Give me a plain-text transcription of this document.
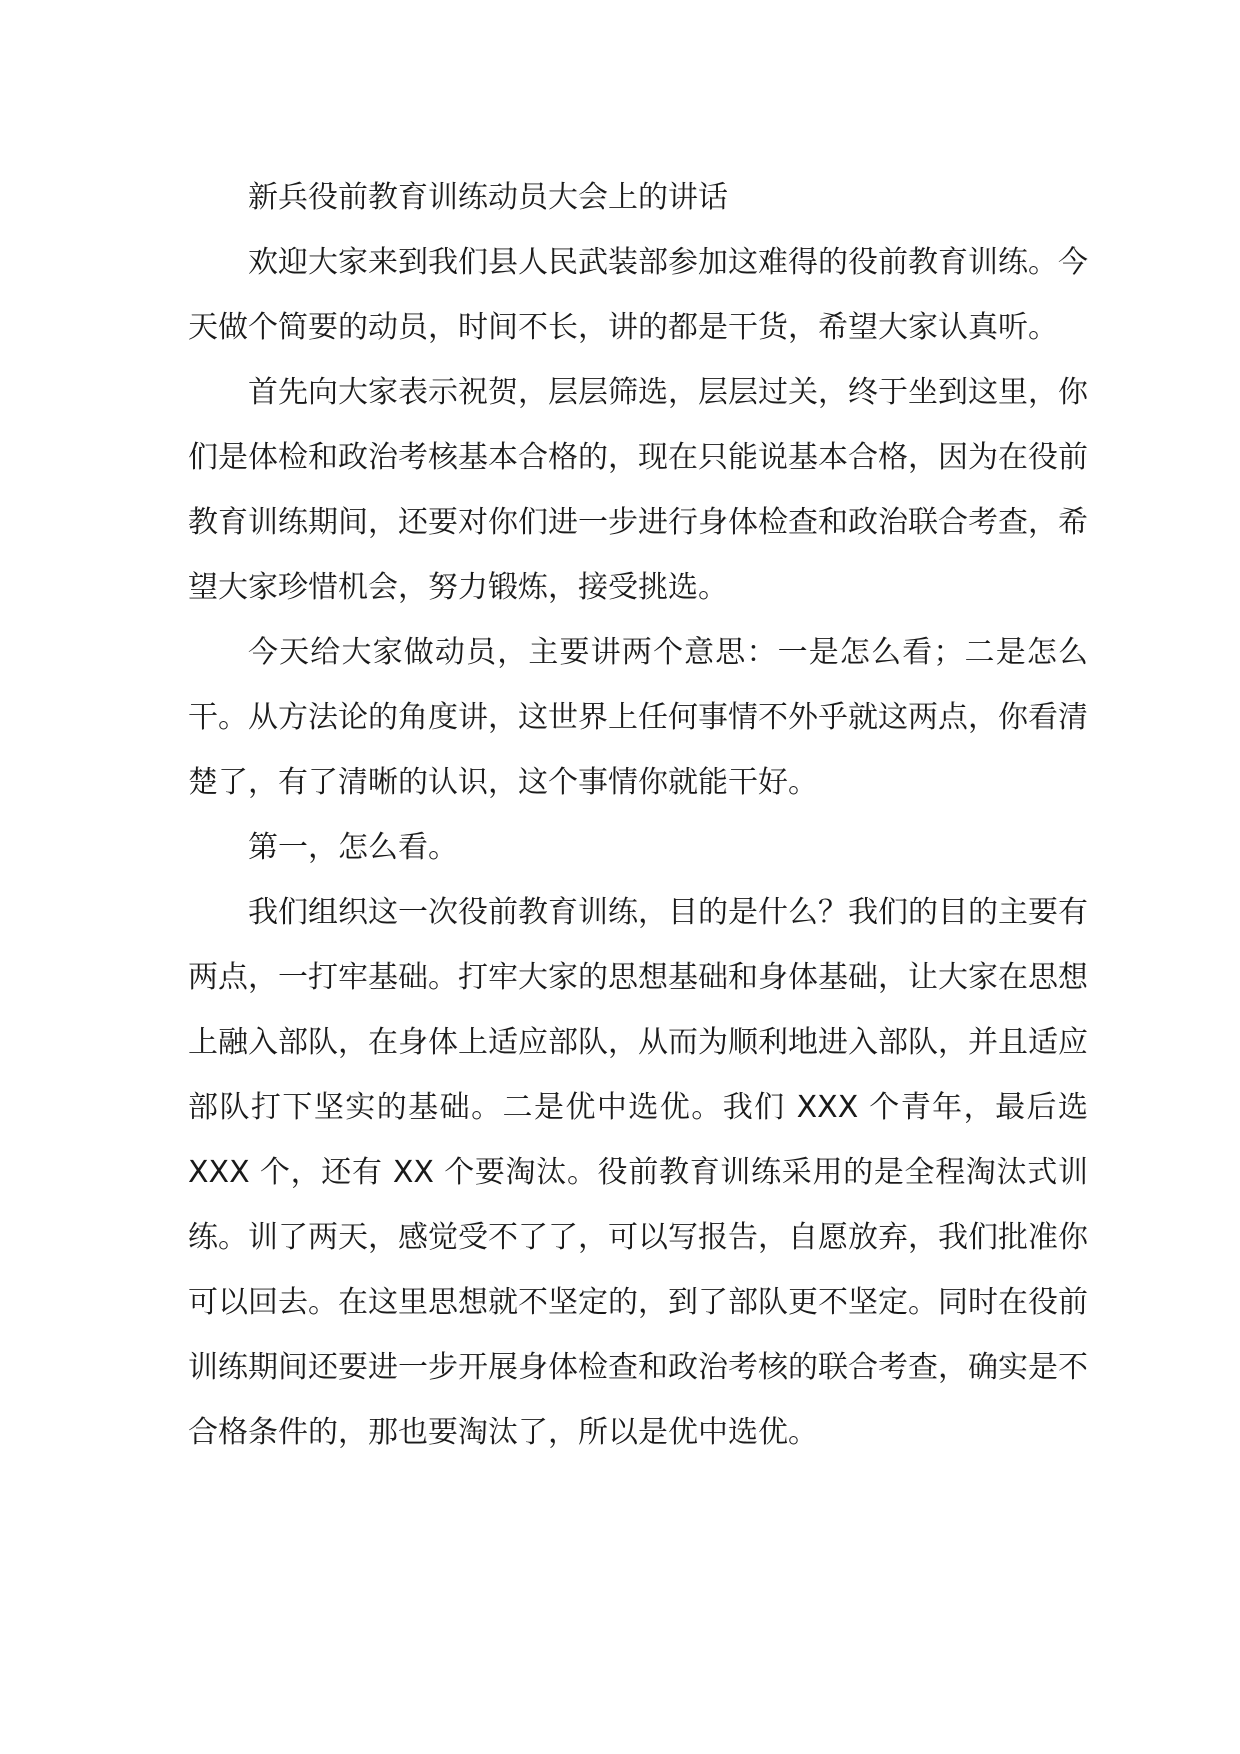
新兵役前教育训练动员大会上的讲话

欢迎大家来到我们县人民武装部参加这难得的役前教育训练。今天做个简要的动员，时间不长，讲的都是干货，希望大家认真听。

首先向大家表示祝贺，层层筛选，层层过关，终于坐到这里，你们是体检和政治考核基本合格的，现在只能说基本合格，因为在役前教育训练期间，还要对你们进一步进行身体检查和政治联合考查，希望大家珍惜机会，努力锻炼，接受挑选。

今天给大家做动员，主要讲两个意思：一是怎么看；二是怎么干。从方法论的角度讲，这世界上任何事情不外乎就这两点，你看清楚了，有了清晰的认识，这个事情你就能干好。

第一，怎么看。

我们组织这一次役前教育训练，目的是什么？我们的目的主要有两点，一打牢基础。打牢大家的思想基础和身体基础，让大家在思想上融入部队，在身体上适应部队，从而为顺利地进入部队，并且适应部队打下坚实的基础。二是优中选优。我们 XXX 个青年，最后选 XXX 个，还有 XX 个要淘汰。役前教育训练采用的是全程淘汰式训练。训了两天，感觉受不了了，可以写报告，自愿放弃，我们批准你可以回去。在这里思想就不坚定的，到了部队更不坚定。同时在役前训练期间还要进一步开展身体检查和政治考核的联合考查，确实是不合格条件的，那也要淘汰了，所以是优中选优。
